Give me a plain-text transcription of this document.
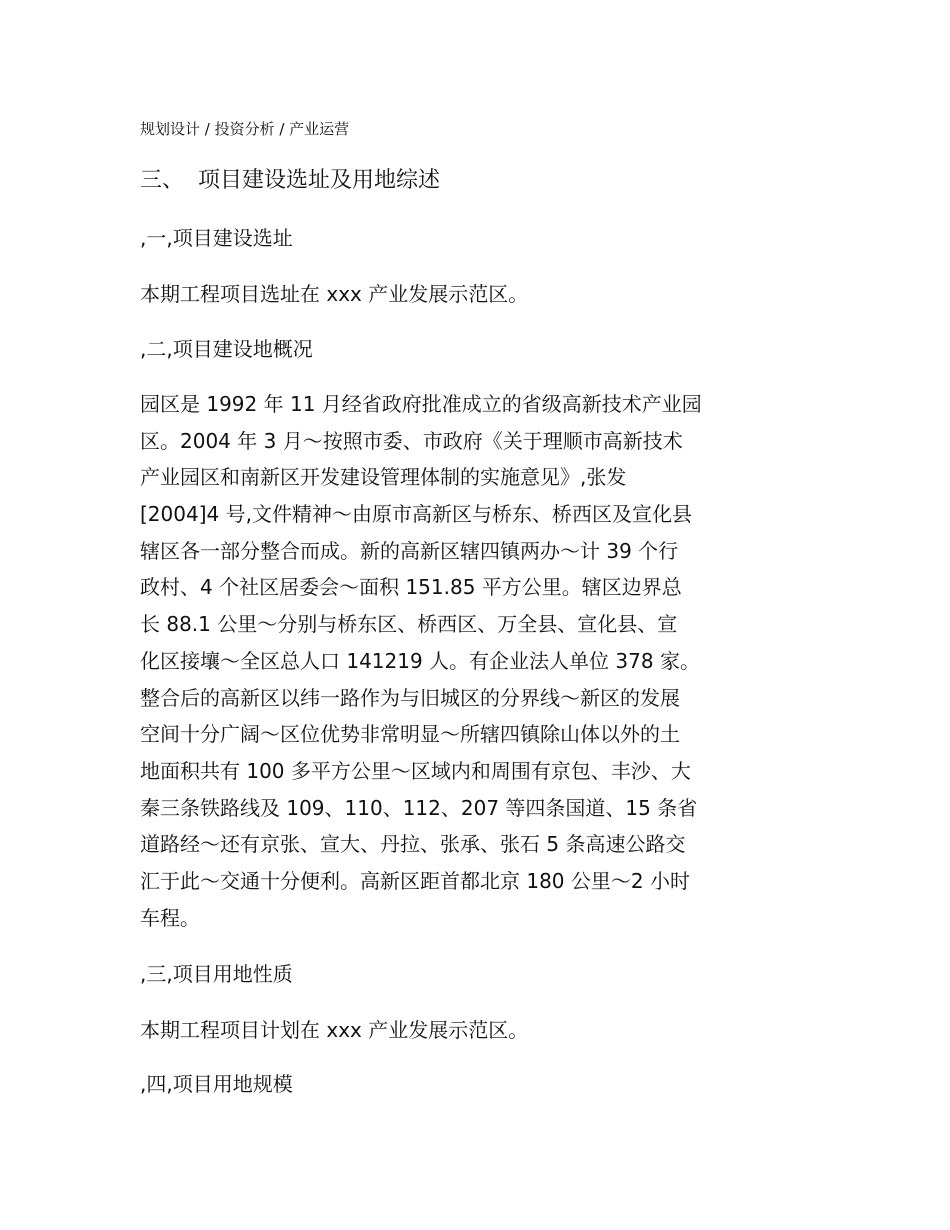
规划设计 / 投资分析 / 产业运营
三、 项目建设选址及用地综述
,一,项目建设选址
本期工程项目选址在 xxx 产业发展示范区。
,二,项目建设地概况
园区是 1992 年 11 月经省政府批准成立的省级高新技术产业园
区。2004 年 3 月～按照市委、市政府《关于理顺市高新技术
产业园区和南新区开发建设管理体制的实施意见》,张发
[2004]4 号,文件精神～由原市高新区与桥东、桥西区及宣化县
辖区各一部分整合而成。新的高新区辖四镇两办～计 39 个行
政村、4 个社区居委会～面积 151.85 平方公里。辖区边界总
长 88.1 公里～分别与桥东区、桥西区、万全县、宣化县、宣
化区接壤～全区总人口 141219 人。有企业法人单位 378 家。
整合后的高新区以纬一路作为与旧城区的分界线～新区的发展
空间十分广阔～区位优势非常明显～所辖四镇除山体以外的土
地面积共有 100 多平方公里～区域内和周围有京包、丰沙、大
秦三条铁路线及 109、110、112、207 等四条国道、15 条省
道路经～还有京张、宣大、丹拉、张承、张石 5 条高速公路交
汇于此～交通十分便利。高新区距首都北京 180 公里～2 小时
车程。
,三,项目用地性质
本期工程项目计划在 xxx 产业发展示范区。
,四,项目用地规模
